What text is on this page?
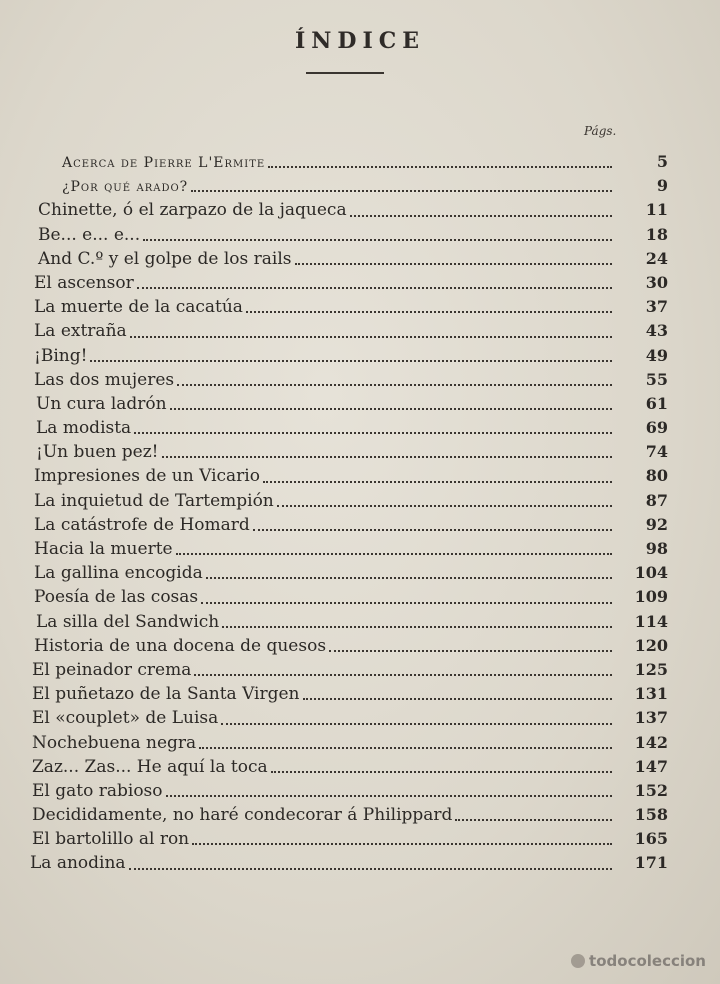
ÍNDICE
Págs.
Acerca de Pierre L'Ermite	5
¿Por qué arado?	9
Chinette, ó el zarpazo de la jaqueca	11
Be... e... e...	18
And C.º y el golpe de los rails	24
El ascensor	30
La muerte de la cacatúa	37
La extraña	43
¡Bing!	49
Las dos mujeres	55
Un cura ladrón	61
La modista	69
¡Un buen pez!	74
Impresiones de un Vicario	80
La inquietud de Tartempión	87
La catástrofe de Homard	92
Hacia la muerte	98
La gallina encogida	104
Poesía de las cosas	109
La silla del Sandwich	114
Historia de una docena de quesos	120
El peinador crema	125
El puñetazo de la Santa Virgen	131
El «couplet» de Luisa	137
Nochebuena negra	142
Zaz... Zas... He aquí la toca	147
El gato rabioso	152
Decididamente, no haré condecorar á Philippard	158
El bartolillo al ron	165
La anodina	171
todocoleccion
